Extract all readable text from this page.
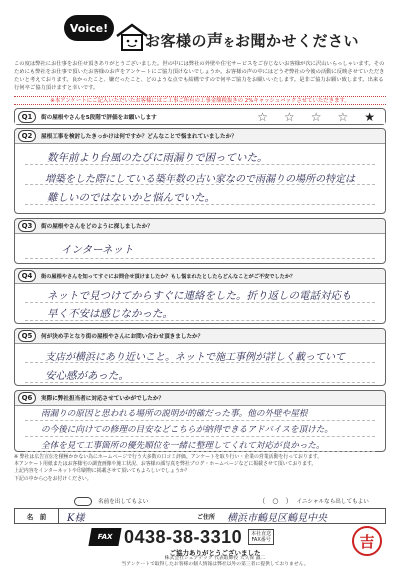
Voice!
お客様の声をお聞かせください
この度は弊社にお仕事をお任せ頂きありがとうございました。世の中には弊社の外壁や住宅サービスをご存じないお客様が次に沢山いらっしゃいます。そのためにも弊社をお仕事で頂いたお客様のお声をアンケートにご協力頂けないでしょうか。お客様の声の中にはどうぞ弊社の今後の活動に反映させていただきたいと考えております。良かったこと、嫌だったこと、どのような点でも結構ですので何卒ご協力をお願いいたします。是非ご協力お願い致します。出来る行何卒ご協力頂けますと幸いです。
※本アンケートにご記入いただいたお客様にはご工事ご所有の工事金額税抜きの 2%キャッシュバックさせていただきます。
Q1	街の屋根やさんを5段階で評価をお願いします	☆ ☆ ☆ ☆ ★
Q2	屋根工事を検討したきっかけは何ですか？どんなことで悩まれていましたか？
数年前より台風のたびに雨漏りで困っていた。
増築をした際にしている築年数の古い家なので雨漏りの場所の特定は
難しいのではないかと悩んでいた。
Q3	街の屋根やさんをどのように探しましたか？
インターネット
Q4	街の屋根やさんを知ってすぐにお問合せ頂けましたか？もし悩まれたとしたらどんなことがご不安でしたか？
ネットで見つけてからすぐに連絡をした。折り返しの電話対応も
早く不安は感じなかった。
Q5	何が決め手となり街の屋根やさんにお問い合わせ頂きましたか？
支店が横浜にあり近いこと。ネットで施工事例が詳しく載っていて
安心感があった。
Q6	実際に弊社担当者に対応させていかがでしたか？
雨漏りの原因と思われる場所の説明が的確だった事。他の外壁や屋根
の今後に向けての修理の目安などこちらが納得できるアドバイスを頂けた。
全体を見て工事箇所の優先順位を一緒に整理してくれて対応が良かった。
※ 弊社は広告宣伝を積極かかない為にホームページで行う大多数の口コミ評価。アンケートを取り行い・企業の営業活動を行っております。
本アンケート用紙またはお客様宅の調査画像や施工状況、お客様の顔写真を弊社ブログ・ホームページなどに掲載させて頂いております。
上記内容をインターネットや印刷物に掲載させて頂いてもよろしいでしょうか？
下記の中から○をお付けください。
名前を出してもよい	（　○　） イニシャルなら出してもよい
名　前	K様	ご住所	横浜市鶴見区鶴見中央
FAX 0438-38-3310 本社直送
FAX番号	吉
ご協力ありがとうございました
株式会社シェアテック 代表取締役 大久保 誠二
当アンケートで取得したお客様の個人情報は弊社以外の第三者に提供しておりません。
